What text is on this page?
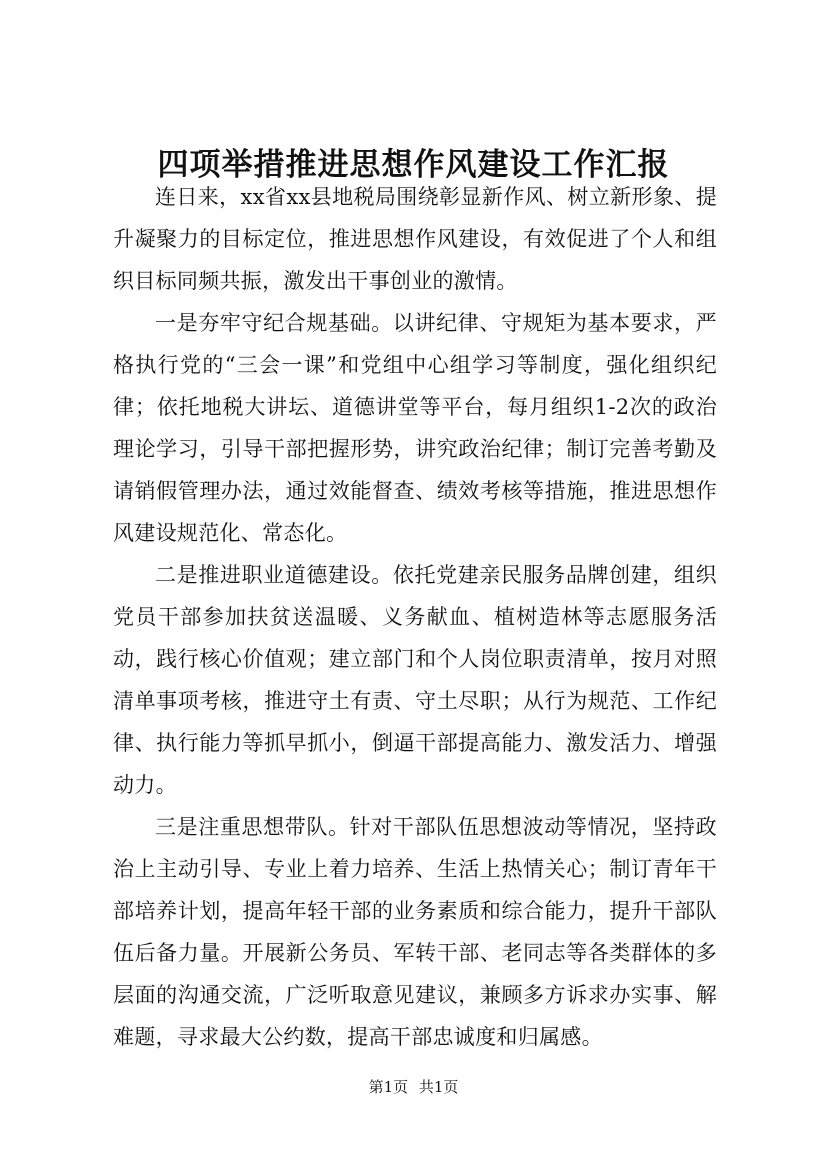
四项举措推进思想作风建设工作汇报

连日来，xx省xx县地税局围绕彰显新作风、树立新形象、提升凝聚力的目标定位，推进思想作风建设，有效促进了个人和组织目标同频共振，激发出干事创业的激情。

一是夯牢守纪合规基础。以讲纪律、守规矩为基本要求，严格执行党的“三会一课”和党组中心组学习等制度，强化组织纪律；依托地税大讲坛、道德讲堂等平台，每月组织1-2次的政治理论学习，引导干部把握形势，讲究政治纪律；制订完善考勤及请销假管理办法，通过效能督查、绩效考核等措施，推进思想作风建设规范化、常态化。

二是推进职业道德建设。依托党建亲民服务品牌创建，组织党员干部参加扶贫送温暖、义务献血、植树造林等志愿服务活动，践行核心价值观；建立部门和个人岗位职责清单，按月对照清单事项考核，推进守土有责、守土尽职；从行为规范、工作纪律、执行能力等抓早抓小，倒逼干部提高能力、激发活力、增强动力。

三是注重思想带队。针对干部队伍思想波动等情况，坚持政治上主动引导、专业上着力培养、生活上热情关心；制订青年干部培养计划，提高年轻干部的业务素质和综合能力，提升干部队伍后备力量。开展新公务员、军转干部、老同志等各类群体的多层面的沟通交流，广泛听取意见建议，兼顾多方诉求办实事、解难题，寻求最大公约数，提高干部忠诚度和归属感。

第1页 共1页
